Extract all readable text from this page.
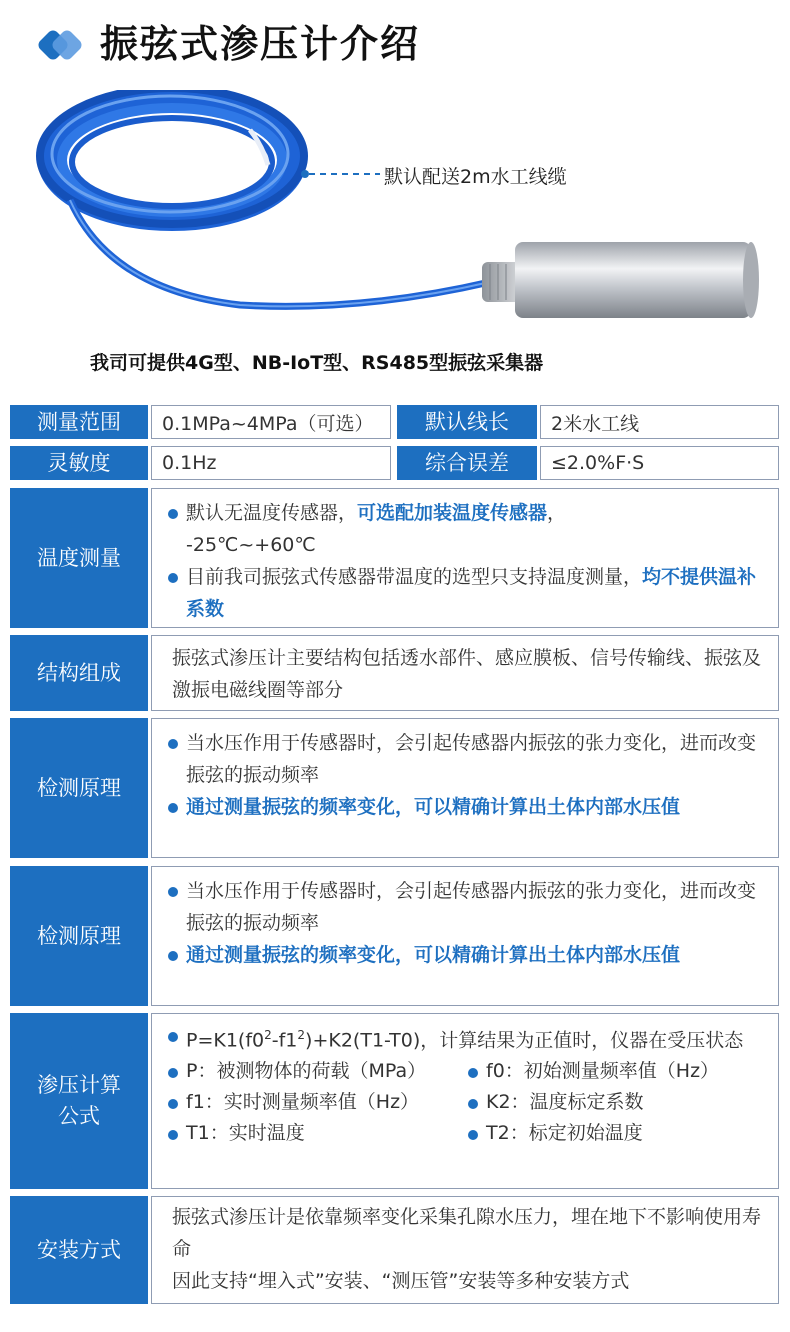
振弦式渗压计介绍
默认配送2m水工线缆
我司可提供4G型、NB-IoT型、RS485型振弦采集器
测量范围	0.1MPa~4MPa（可选）	默认线长	2米水工线
灵敏度	0.1Hz	综合误差	≤2.0%F·S
温度测量
默认无温度传感器，可选配加装温度传感器，
-25℃~+60℃
目前我司振弦式传感器带温度的选型只支持温度测量，均不提供温补系数
结构组成
振弦式渗压计主要结构包括透水部件、感应膜板、信号传输线、振弦及激振电磁线圈等部分
检测原理
当水压作用于传感器时，会引起传感器内振弦的张力变化，进而改变振弦的振动频率
通过测量振弦的频率变化，可以精确计算出土体内部水压值
检测原理
当水压作用于传感器时，会引起传感器内振弦的张力变化，进而改变振弦的振动频率
通过测量振弦的频率变化，可以精确计算出土体内部水压值
渗压计算
公式
$P=K1(f0^2-f1^2)+K2(T1-T0)$，计算结果为正值时，仪器在受压状态
P：被测物体的荷载（MPa）	f0：初始测量频率值（Hz）
f1：实时测量频率值（Hz）	K2：温度标定系数
T1：实时温度	T2：标定初始温度
安装方式
振弦式渗压计是依靠频率变化采集孔隙水压力，埋在地下不影响使用寿命
因此支持“埋入式”安装、“测压管”安装等多种安装方式
